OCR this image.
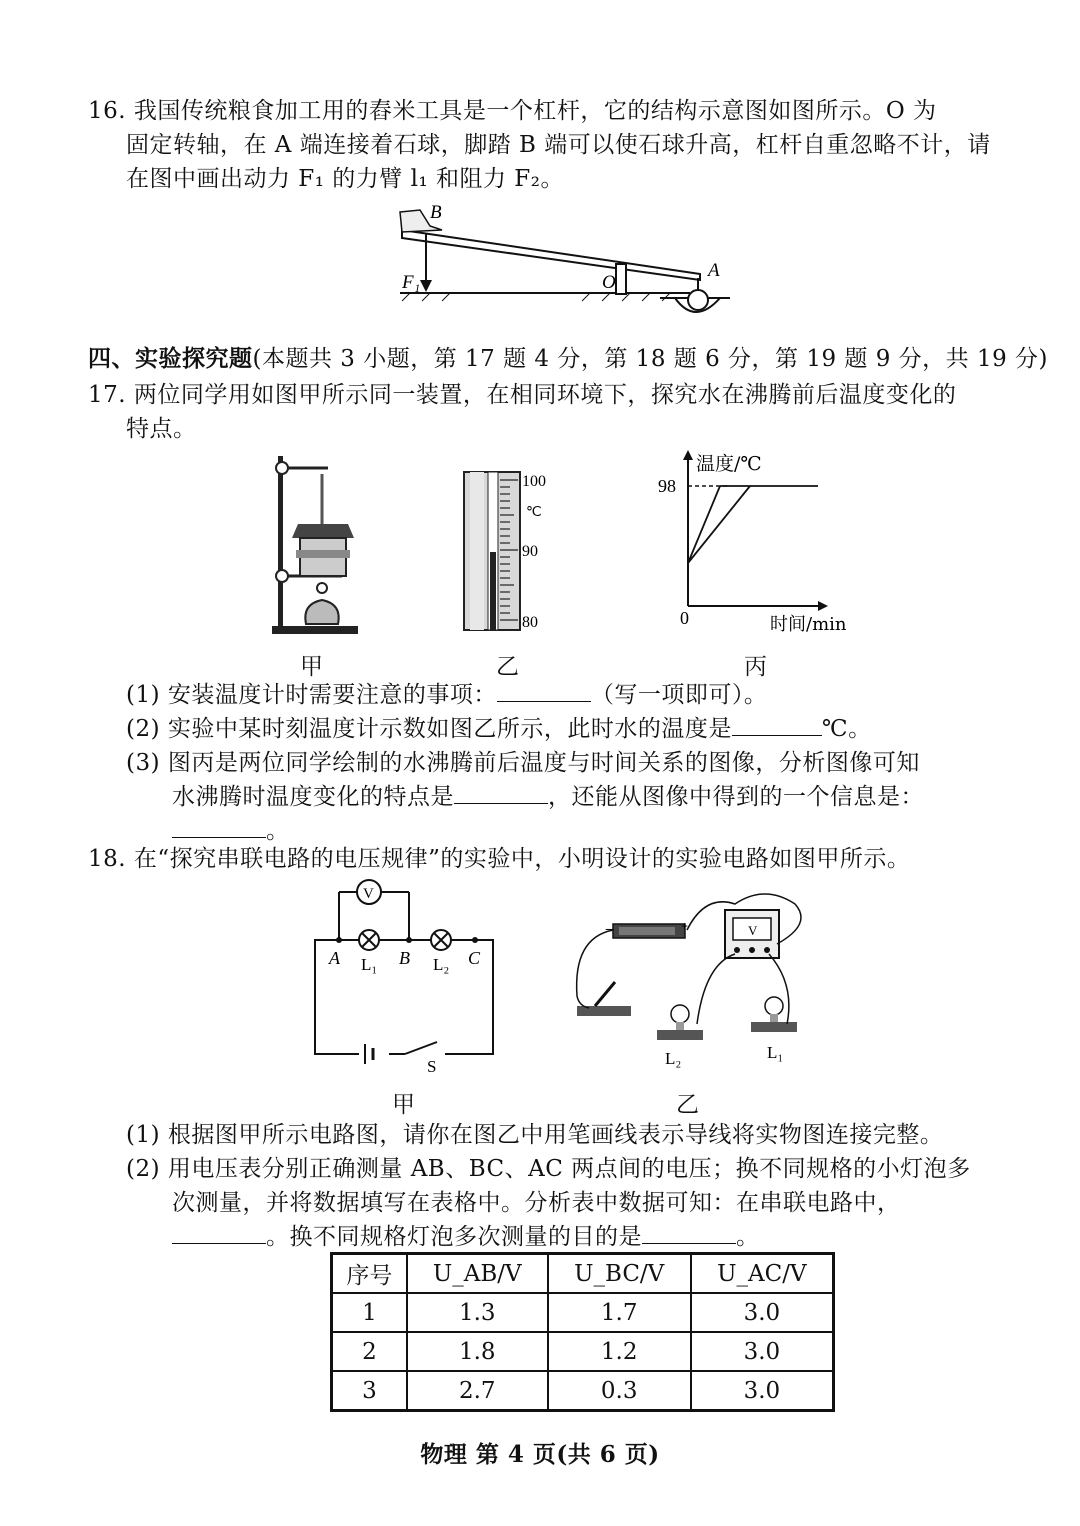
16. 我国传统粮食加工用的舂米工具是一个杠杆，它的结构示意图如图所示。O 为
固定转轴，在 A 端连接着石球，脚踏 B 端可以使石球升高，杠杆自重忽略不计，请
在图中画出动力 F₁ 的力臂 l₁ 和阻力 F₂。
B
O
A
F₁
四、实验探究题(本题共 3 小题，第 17 题 4 分，第 18 题 6 分，第 19 题 9 分，共 19 分)
17. 两位同学用如图甲所示同一装置，在相同环境下，探究水在沸腾前后温度变化的
特点。
甲
100
℃
90
80
乙
温度/℃
98
0	时间/min
丙
(1) 安装温度计时需要注意的事项：	（写一项即可）。
(2) 实验中某时刻温度计示数如图乙所示，此时水的温度是	℃。
(3) 图丙是两位同学绘制的水沸腾前后温度与时间关系的图像，分析图像可知
水沸腾时温度变化的特点是	，还能从图像中得到的一个信息是：
。
18. 在“探究串联电路的电压规律”的实验中，小明设计的实验电路如图甲所示。
V
A	B	C
L₁	L₂
S
甲
−	+	V
L₂	L₁
乙
(1) 根据图甲所示电路图，请你在图乙中用笔画线表示导线将实物图连接完整。
(2) 用电压表分别正确测量 AB、BC、AC 两点间的电压；换不同规格的小灯泡多
次测量，并将数据填写在表格中。分析表中数据可知：在串联电路中，
。换不同规格灯泡多次测量的目的是	。
序号	U_AB/V	U_BC/V	U_AC/V
1	1.3	1.7	3.0
2	1.8	1.2	3.0
3	2.7	0.3	3.0
物理 第 4 页(共 6 页)
